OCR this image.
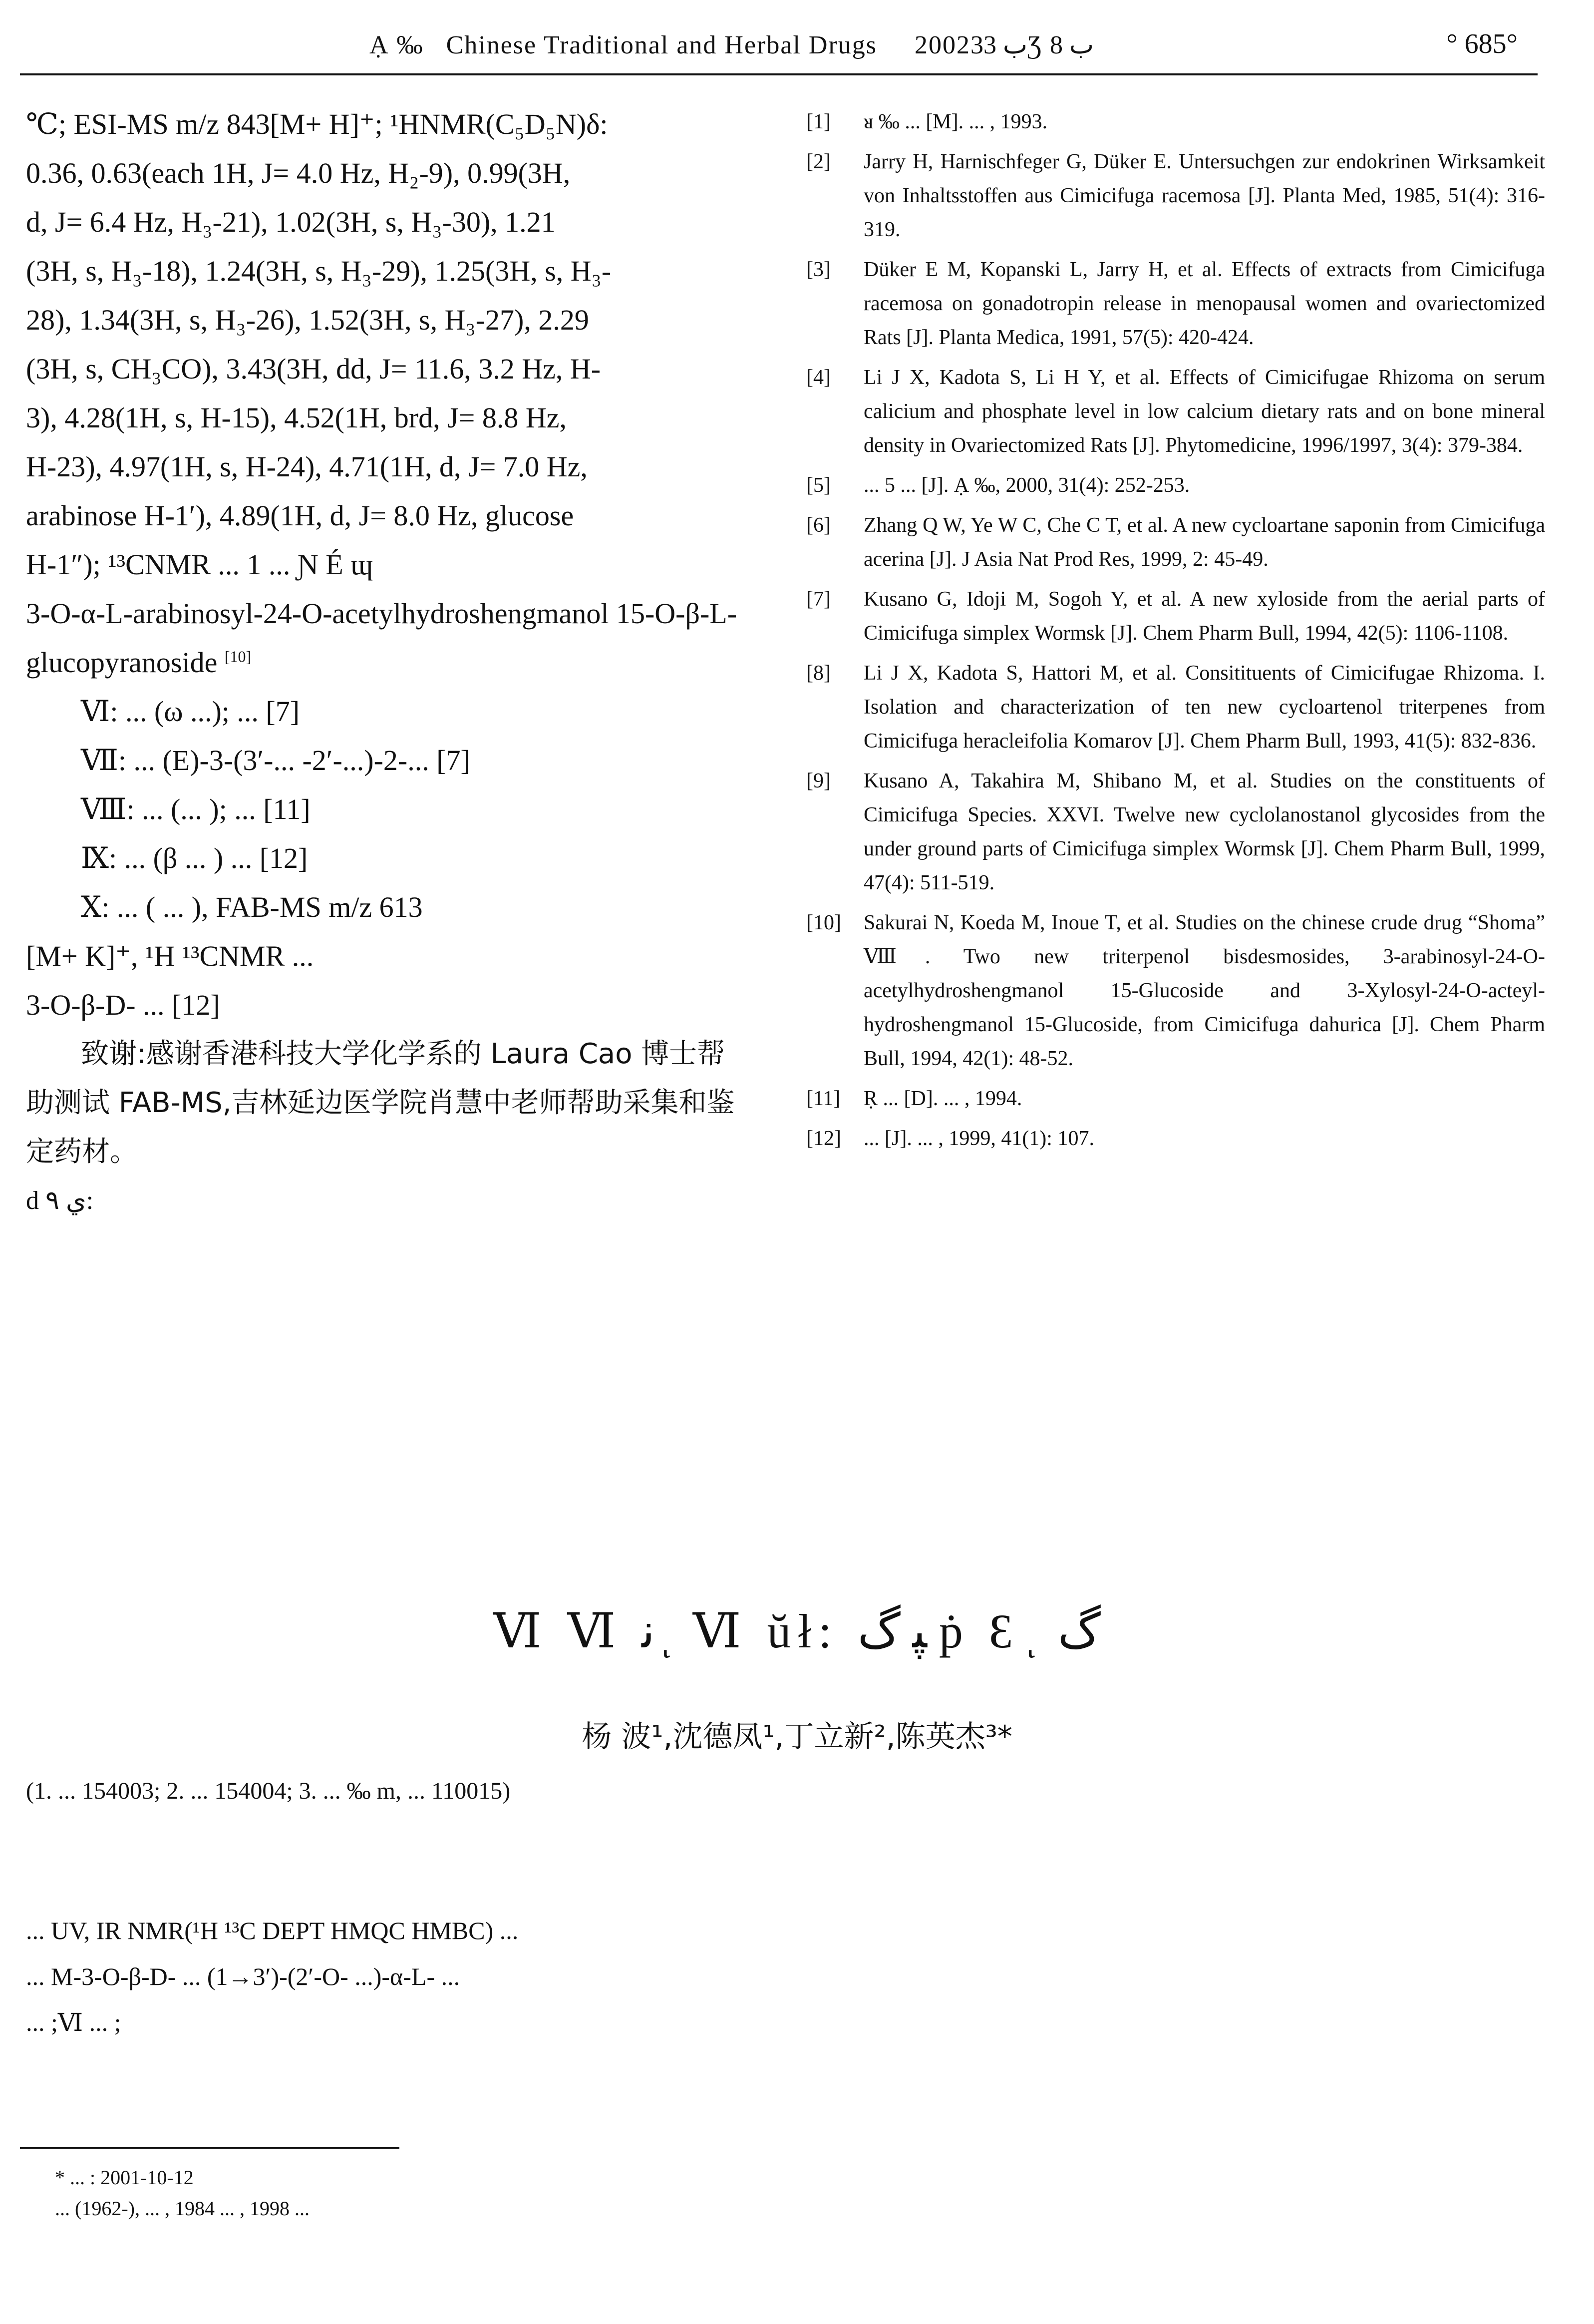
Ạ ‰ Chinese Traditional and Herbal Drugs 2002ب 33Ʒ ب 8	° 685°

℃; ESI-MS m/z 843[M+ H]⁺; ¹HNMR(C₅D₅N)δ:

0.36, 0.63(each 1H, J= 4.0 Hz, H₂-9), 0.99(3H,

d, J= 6.4 Hz, H₃-21), 1.02(3H, s, H₃-30), 1.21

(3H, s, H₃-18), 1.24(3H, s, H₃-29), 1.25(3H, s, H₃-

28), 1.34(3H, s, H₃-26), 1.52(3H, s, H₃-27), 2.29

(3H, s, CH₃CO), 3.43(3H, dd, J= 11.6, 3.2 Hz, H-

3), 4.28(1H, s, H-15), 4.52(1H, brd, J= 8.8 Hz,

H-23), 4.97(1H, s, H-24), 4.71(1H, d, J= 7.0 Hz,

arabinose H-1′), 4.89(1H, d, J= 8.0 Hz, glucose

H-1″); ¹³CNMR ... 1 ... Ɲ É ɰ

3-O-α-L-arabinosyl-24-O-acetylhydroshengmanol 15-O-β-L-glucopyranoside [10]

Ⅵ: ... (ω ...); ... [7]

Ⅶ: ... (E)-3-(3′-... -2′-...)-2-... [7]

Ⅷ: ... (... ); ... [11]

Ⅸ: ... (β ... ) ... [12]

Ⅹ: ... ( ... ), FAB-MS m/z 613

[M+ K]⁺, ¹H ¹³CNMR ...

3-O-β-D- ... [12]

致谢:感谢香港科技大学化学系的 Laura Cao 博士帮助测试 FAB-MS,吉林延边医学院肖慧中老师帮助采集和鉴定药材。

d ي ٩:

[1]	ᴚ ‰ ... [M]. ... , 1993.
[2]	Jarry H, Harnischfeger G, Düker E. Untersuchgen zur endokrinen Wirksamkeit von Inhaltsstoffen aus Cimicifuga racemosa [J]. Planta Med, 1985, 51(4): 316-319.
[3]	Düker E M, Kopanski L, Jarry H, et al. Effects of extracts from Cimicifuga racemosa on gonadotropin release in menopausal women and ovariectomized Rats [J]. Planta Medica, 1991, 57(5): 420-424.
[4]	Li J X, Kadota S, Li H Y, et al. Effects of Cimicifugae Rhizoma on serum calicium and phosphate level in low calcium dietary rats and on bone mineral density in Ovariectomized Rats [J]. Phytomedicine, 1996/1997, 3(4): 379-384.
[5]	... 5 ... [J]. Ạ ‰, 2000, 31(4): 252-253.
[6]	Zhang Q W, Ye W C, Che C T, et al. A new cycloartane saponin from Cimicifuga acerina [J]. J Asia Nat Prod Res, 1999, 2: 45-49.
[7]	Kusano G, Idoji M, Sogoh Y, et al. A new xyloside from the aerial parts of Cimicifuga simplex Wormsk [J]. Chem Pharm Bull, 1994, 42(5): 1106-1108.
[8]	Li J X, Kadota S, Hattori M, et al. Consitituents of Cimicifugae Rhizoma. I. Isolation and characterization of ten new cycloartenol triterpenes from Cimicifuga heracleifolia Komarov [J]. Chem Pharm Bull, 1993, 41(5): 832-836.
[9]	Kusano A, Takahira M, Shibano M, et al. Studies on the constituents of Cimicifuga Species. XXVI. Twelve new cyclolanostanol glycosides from the under ground parts of Cimicifuga simplex Wormsk [J]. Chem Pharm Bull, 1999, 47(4): 511-519.
[10]	Sakurai N, Koeda M, Inoue T, et al. Studies on the chinese crude drug “Shoma” Ⅷ. Two new triterpenol bisdesmosides, 3-arabinosyl-24-O-acetylhydroshengmanol 15-Glucoside and 3-Xylosyl-24-O-acteyl-hydroshengmanol 15-Glucoside, from Cimicifuga dahurica [J]. Chem Pharm Bull, 1994, 42(1): 48-52.
[11]	Ṛ ... [D]. ... , 1994.
[12]	... [J]. ... , 1999, 41(1): 107.
Ⅵ Ⅵ ﻧ ͅ Ⅵ ŭł: ﭙ گ ṗ Ɛ ͅ گ
杨 波¹,沈德凤¹,丁立新²,陈英杰³*
(1. ... 154003; 2. ... 154004; 3. ... ‰ m, ... 110015)

... UV, IR NMR(¹H ¹³C DEPT HMQC HMBC) ...

... M-3-O-β-D- ... (1→3′)-(2′-O- ...)-α-L- ...

... ;Ⅵ ... ;

* ... : 2001-10-12

... (1962-), ... , 1984 ... , 1998 ...
